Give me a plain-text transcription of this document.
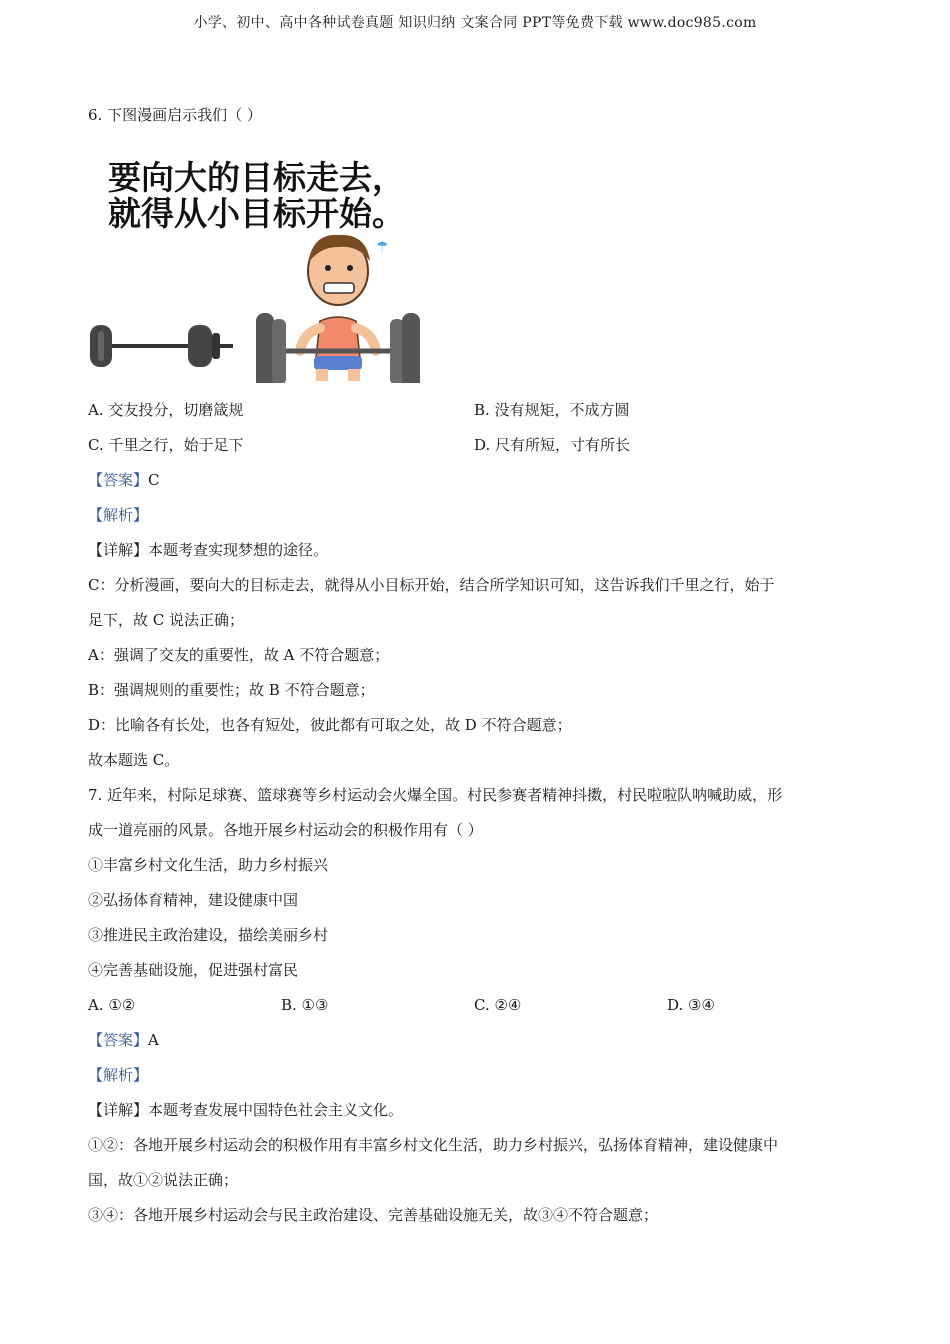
小学、初中、高中各种试卷真题 知识归纳 文案合同 PPT等免费下载 www.doc985.com
6. 下图漫画启示我们（ ）
要向大的目标走去，
就得从小目标开始。
☂
A. 交友投分，切磨箴规	B. 没有规矩，不成方圆
C. 千里之行，始于足下	D. 尺有所短，寸有所长
【答案】C
【解析】
【详解】本题考查实现梦想的途径。
C：分析漫画，要向大的目标走去，就得从小目标开始，结合所学知识可知，这告诉我们千里之行，始于
足下，故 C 说法正确；
A：强调了交友的重要性，故 A 不符合题意；
B：强调规则的重要性；故 B 不符合题意；
D：比喻各有长处，也各有短处，彼此都有可取之处，故 D 不符合题意；
故本题选 C。
7. 近年来，村际足球赛、篮球赛等乡村运动会火爆全国。村民参赛者精神抖擞，村民啦啦队呐喊助威，形
成一道亮丽的风景。各地开展乡村运动会的积极作用有（ ）
①丰富乡村文化生活，助力乡村振兴
②弘扬体育精神，建设健康中国
③推进民主政治建设，描绘美丽乡村
④完善基础设施，促进强村富民
A. ①②	B. ①③	C. ②④	D. ③④
【答案】A
【解析】
【详解】本题考查发展中国特色社会主义文化。
①②：各地开展乡村运动会的积极作用有丰富乡村文化生活，助力乡村振兴，弘扬体育精神，建设健康中
国，故①②说法正确；
③④：各地开展乡村运动会与民主政治建设、完善基础设施无关，故③④不符合题意；
